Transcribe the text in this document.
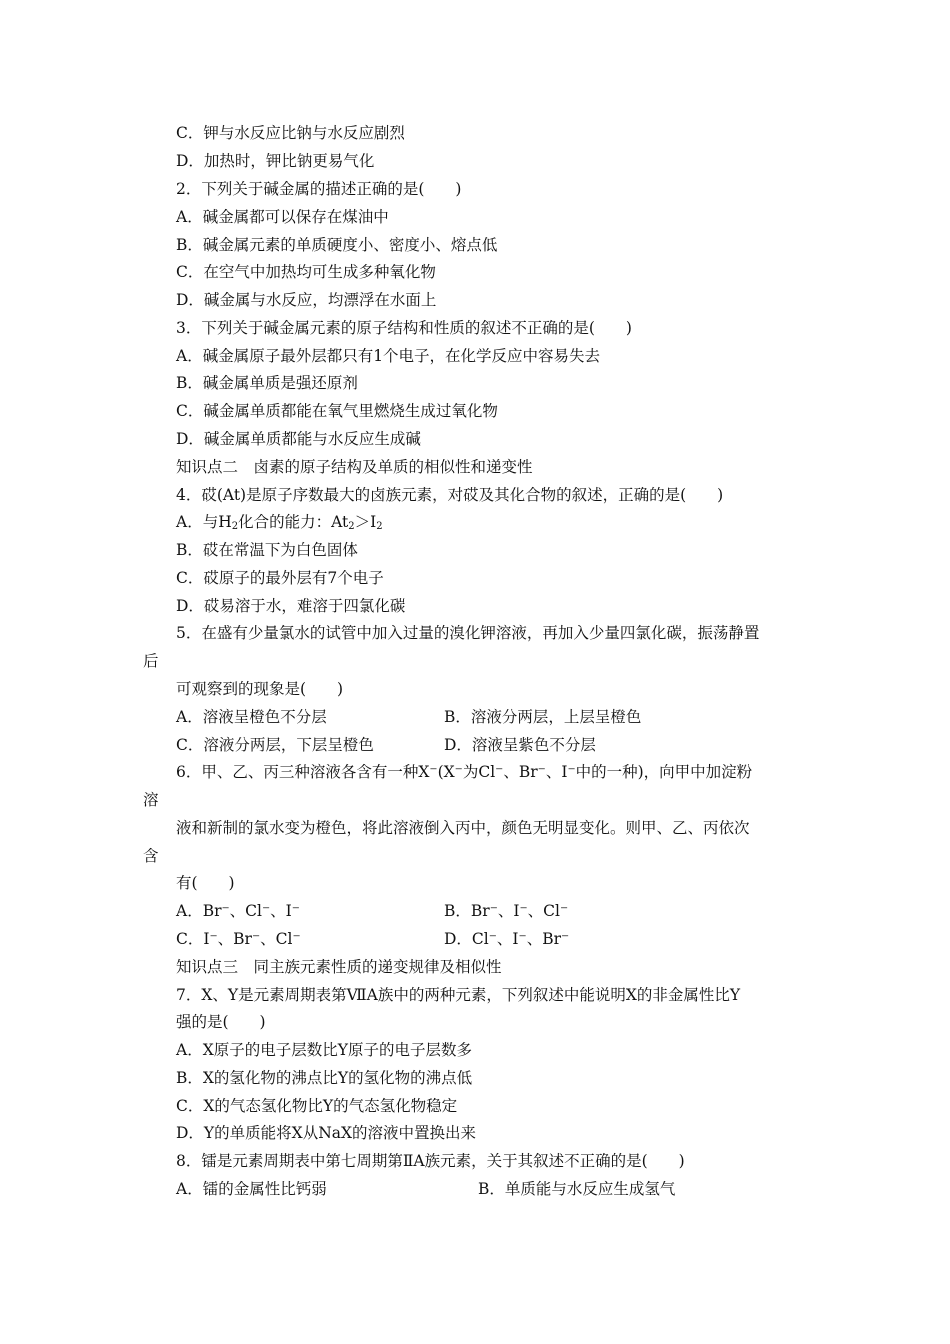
C．钾与水反应比钠与水反应剧烈
D．加热时，钾比钠更易气化
2．下列关于碱金属的描述正确的是(　　)
A．碱金属都可以保存在煤油中
B．碱金属元素的单质硬度小、密度小、熔点低
C．在空气中加热均可生成多种氧化物
D．碱金属与水反应，均漂浮在水面上
3．下列关于碱金属元素的原子结构和性质的叙述不正确的是(　　)
A．碱金属原子最外层都只有1个电子，在化学反应中容易失去
B．碱金属单质是强还原剂
C．碱金属单质都能在氧气里燃烧生成过氧化物
D．碱金属单质都能与水反应生成碱
知识点二　卤素的原子结构及单质的相似性和递变性
4．砹(At)是原子序数最大的卤族元素，对砹及其化合物的叙述，正确的是(　　)
A．与$H_2$化合的能力：$At_2>I_2$
B．砹在常温下为白色固体
C．砹原子的最外层有7个电子
D．砹易溶于水，难溶于四氯化碳
5．在盛有少量氯水的试管中加入过量的溴化钾溶液，再加入少量四氯化碳，振荡静置
后
可观察到的现象是(　　)
A．溶液呈橙色不分层	B．溶液分两层，上层呈橙色
C．溶液分两层，下层呈橙色	D．溶液呈紫色不分层
6．甲、乙、丙三种溶液各含有一种X⁻(X⁻为Cl⁻、Br⁻、I⁻中的一种)，向甲中加淀粉
溶
液和新制的氯水变为橙色，将此溶液倒入丙中，颜色无明显变化。则甲、乙、丙依次
含
有(　　)
A．Br⁻、Cl⁻、I⁻	B．Br⁻、I⁻、Cl⁻
C．I⁻、Br⁻、Cl⁻	D．Cl⁻、I⁻、Br⁻
知识点三　同主族元素性质的递变规律及相似性
7．X、Y是元素周期表第ⅦA族中的两种元素，下列叙述中能说明X的非金属性比Y
强的是(　　)
A．X原子的电子层数比Y原子的电子层数多
B．X的氢化物的沸点比Y的氢化物的沸点低
C．X的气态氢化物比Y的气态氢化物稳定
D．Y的单质能将X从NaX的溶液中置换出来
8．镭是元素周期表中第七周期第ⅡA族元素，关于其叙述不正确的是(　　)
A．镭的金属性比钙弱	B．单质能与水反应生成氢气
